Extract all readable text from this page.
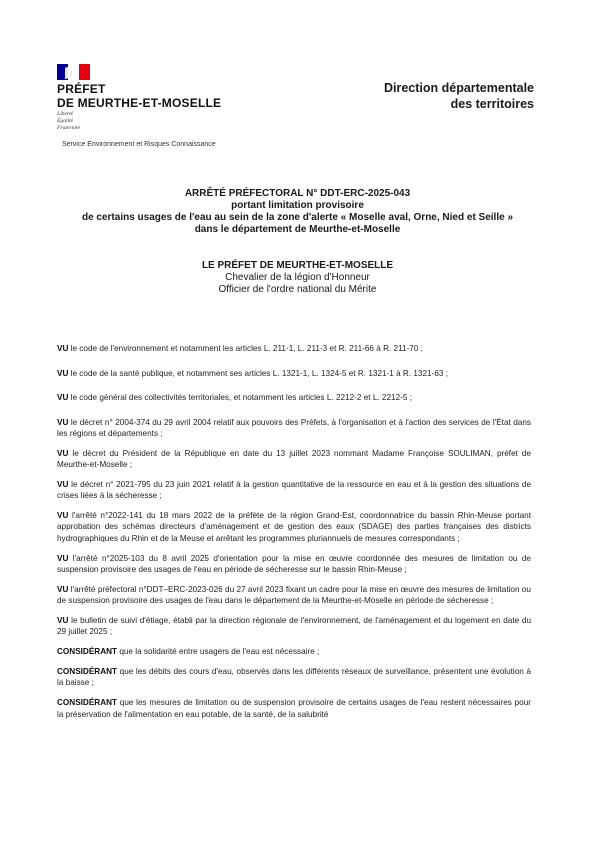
PRÉFET
DE MEURTHE-ET-MOSELLE
Liberté
Égalité
Fraternité
Service Environnement et Risques Connaissance
Direction départementale
des territoires
ARRÊTÉ PRÉFECTORAL N° DDT-ERC-2025-043
portant limitation provisoire
de certains usages de l'eau au sein de la zone d'alerte « Moselle aval, Orne, Nied et Seille »
dans le département de Meurthe-et-Moselle
LE PRÉFET DE MEURTHE-ET-MOSELLE
Chevalier de la légion d'Honneur
Officier de l'ordre national du Mérite

VU le code de l'environnement et notamment les articles L. 211-1, L. 211-3 et R. 211-66 à R. 211-70 ;

VU le code de la santé publique, et notamment ses articles L. 1321-1, L. 1324-5 et R. 1321-1 à R. 1321-63 ;

VU le code général des collectivités territoriales, et notamment les articles L. 2212-2 et L. 2212-5 ;

VU le décret n° 2004-374 du 29 avril 2004 relatif aux pouvoirs des Préfets, à l'organisation et à l'action des services de l'État dans les régions et départements ;

VU le décret du Président de la République en date du 13 juillet 2023 nommant Madame Françoise SOULIMAN, préfet de Meurthe-et-Moselle ;

VU le décret n° 2021-795 du 23 juin 2021 relatif à la gestion quantitative de la ressource en eau et à la gestion des situations de crises liées à la sécheresse ;

VU l'arrêté n°2022-141 du 18 mars 2022 de la préfète de la région Grand-Est, coordonnatrice du bassin Rhin-Meuse portant approbation des schémas directeurs d'aménagement et de gestion des eaux (SDAGE) des parties françaises des districts hydrographiques du Rhin et de la Meuse et arrêtant les programmes pluriannuels de mesures correspondants ;

VU l'arrêté n°2025-103 du 8 avril 2025 d'orientation pour la mise en œuvre coordonnée des mesures de limitation ou de suspension provisoire des usages de l'eau en période de sécheresse sur le bassin Rhin-Meuse ;

VU l'arrêté préfectoral n°DDT–ERC-2023-026 du 27 avril 2023 fixant un cadre pour la mise en œuvre des mesures de limitation ou de suspension provisoire des usages de l'eau dans le département de la Meurthe-et-Moselle en période de sécheresse ;

VU le bulletin de suivi d'étiage, établi par la direction régionale de l'environnement, de l'aménagement et du logement en date du 29 juillet 2025 ;

CONSIDÉRANT que la solidarité entre usagers de l'eau est nécessaire ;

CONSIDÉRANT que les débits des cours d'eau, observés dans les différents réseaux de surveillance, présentent une évolution à la baisse ;

CONSIDÉRANT que les mesures de limitation ou de suspension provisoire de certains usages de l'eau restent nécessaires pour la préservation de l'alimentation en eau potable, de la santé, de la salubrité
